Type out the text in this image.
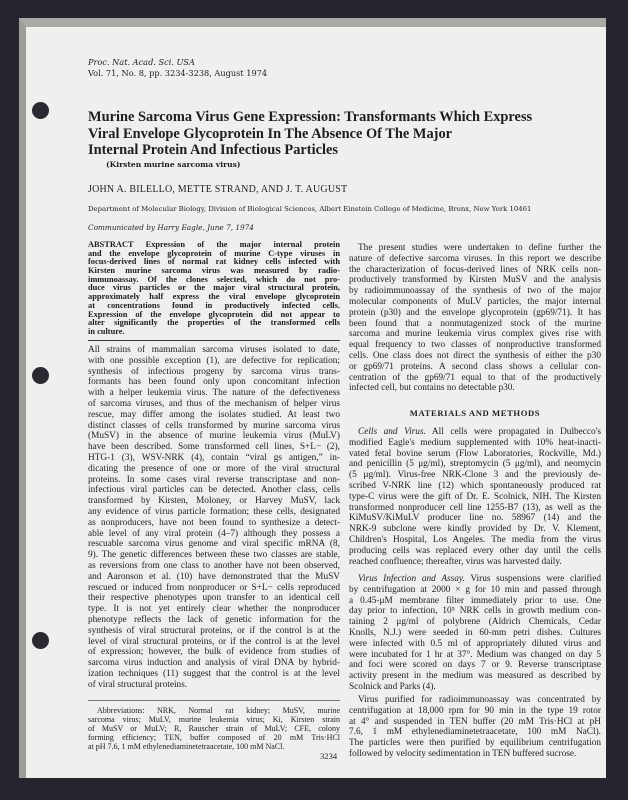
Proc. Nat. Acad. Sci. USA
Vol. 71, No. 8, pp. 3234-3238, August 1974
Murine Sarcoma Virus Gene Expression: Transformants Which Express
Viral Envelope Glycoprotein In The Absence Of The Major
Internal Protein And Infectious Particles
(Kirsten murine sarcoma virus)
JOHN A. BILELLO, METTE STRAND, AND J. T. AUGUST
Department of Molecular Biology, Division of Biological Sciences, Albert Einstein College of Medicine, Bronx, New York 10461
Communicated by Harry Eagle, June 7, 1974
ABSTRACT Expression of the major internal protein
and the envelope glycoprotein of murine C-type viruses in
focus-derived lines of normal rat kidney cells infected with
Kirsten murine sarcoma virus was measured by radio-
immunoassay. Of the clones selected, which do not pro-
duce virus particles or the major viral structural protein,
approximately half express the viral envelope glycoprotein
at concentrations found in productively infected cells.
Expression of the envelope glycoprotein did not appear to
alter significantly the properties of the transformed cells
in culture.
All strains of mammalian sarcoma viruses isolated to date,
with one possible exception (1), are defective for replication;
synthesis of infectious progeny by sarcoma virus trans-
formants has been found only upon concomitant infection
with a helper leukemia virus. The nature of the defectiveness
of sarcoma viruses, and thus of the mechanism of helper virus
rescue, may differ among the isolates studied. At least two
distinct classes of cells transformed by murine sarcoma virus
(MuSV) in the absence of murine leukemia virus (MuLV)
have been described. Some transformed cell lines, S+L− (2),
HTG-1 (3), WSV-NRK (4), contain “viral gs antigen,” in-
dicating the presence of one or more of the viral structural
proteins. In some cases viral reverse transcriptase and non-
infectious viral particles can be detected. Another class, cells
transformed by Kirsten, Moloney, or Harvey MuSV, lack
any evidence of virus particle formation; these cells, designated
as nonproducers, have not been found to synthesize a detect-
able level of any viral protein (4–7) although they possess a
rescuable sarcoma virus genome and viral specific mRNA (8,
9). The genetic differences between these two classes are stable,
as reversions from one class to another have not been observed,
and Aaronson et al. (10) have demonstrated that the MuSV
rescued or induced from nonproducer or S+L− cells reproduced
their respective phenotypes upon transfer to an identical cell
type. It is not yet entirely clear whether the nonproducer
phenotype reflects the lack of genetic information for the
synthesis of viral structural proteins, or if the control is at the
level of viral structural proteins, or if the control is at the level
of expression; however, the bulk of evidence from studies of
sarcoma virus induction and analysis of viral DNA by hybrid-
ization techniques (11) suggest that the control is at the level
of viral structural proteins.
Abbreviations: NRK, Normal rat kidney; MuSV, murine
sarcoma virus; MuLV, murine leukemia virus; Ki, Kirsten strain
of MuSV or MuLV; R, Rauscher strain of MuLV; CFE, colony
forming efficiency; TEN, buffer composed of 20 mM Tris·HCl
at pH 7.6, 1 mM ethylenediaminetetraacetate, 100 mM NaCl.
The present studies were undertaken to define further the
nature of defective sarcoma viruses. In this report we describe
the characterization of focus-derived lines of NRK cells non-
productively transformed by Kirsten MuSV and the analysis
by radioimmunoassay of the synthesis of two of the major
molecular components of MuLV particles, the major internal
protein (p30) and the envelope glycoprotein (gp69/71). It has
been found that a nonmutagenized stock of the murine
sarcoma and murine leukemia virus complex gives rise with
equal frequency to two classes of nonproductive transformed
cells. One class does not direct the synthesis of either the p30
or gp69/71 proteins. A second class shows a cellular con-
centration of the gp69/71 equal to that of the productively
infected cell, but contains no detectable p30.
MATERIALS AND METHODS
Cells and Virus. All cells were propagated in Dulbecco's
modified Eagle's medium supplemented with 10% heat-inacti-
vated fetal bovine serum (Flow Laboratories, Rockville, Md.)
and penicillin (5 μg/ml), streptomycin (5 μg/ml), and neomycin
(5 μg/ml). Virus-free NRK-Clone 3 and the previously de-
scribed V-NRK line (12) which spontaneously produced rat
type-C virus were the gift of Dr. E. Scolnick, NIH. The Kirsten
transformed nonproducer cell line 1255-B7 (13), as well as the
KiMuSV/KiMuLV producer line no. 58967 (14) and the
NRK-9 subclone were kindly provided by Dr. V. Klement,
Children's Hospital, Los Angeles. The media from the virus
producing cells was replaced every other day until the cells
reached confluence; thereafter, virus was harvested daily.
Virus Infection and Assay. Virus suspensions were clarified
by centrifugation at 2000 × g for 10 min and passed through
a 0.45-μM membrane filter immediately prior to use. One
day prior to infection, 10⁵ NRK cells in growth medium con-
taining 2 μg/ml of polybrene (Aldrich Chemicals, Cedar
Knolls, N.J.) were seeded in 60-mm petri dishes. Cultures
were infected with 0.5 ml of appropriately diluted virus and
were incubated for 1 hr at 37°. Medium was changed on day 5
and foci were scored on days 7 or 9. Reverse transcriptase
activity present in the medium was measured as described by
Scolnick and Parks (4).
Virus purified for radioimmunoassay was concentrated by
centrifugation at 18,000 rpm for 90 min in the type 19 rotor
at 4° and suspended in TEN buffer (20 mM Tris·HCl at pH
7.6, 1 mM ethylenediaminetetraacetate, 100 mM NaCl).
The particles were then purified by equilibrium centrifugation
followed by velocity sedimentation in TEN buffered sucrose.
3234
